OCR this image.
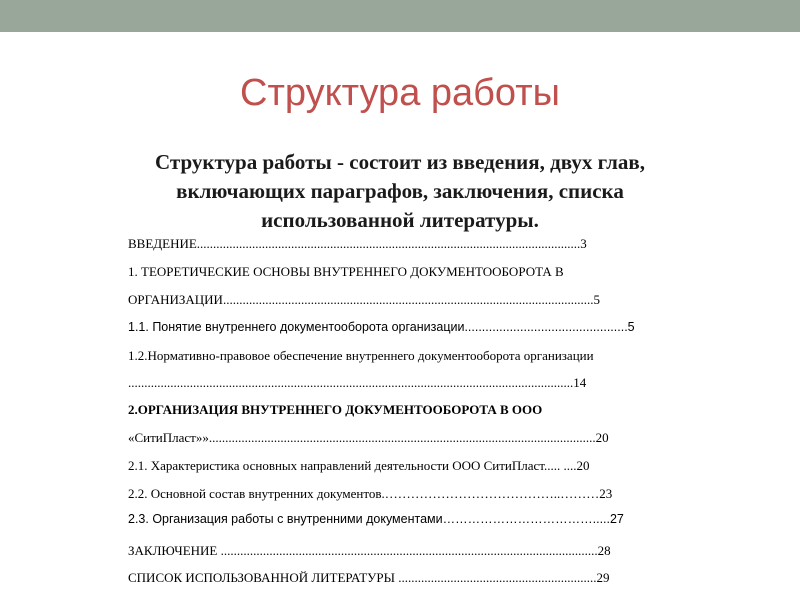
Структура работы
Структура работы - состоит из введения, двух глав, включающих параграфов, заключения, списка использованной литературы.
ВВЕДЕНИЕ......................................................................................................................3
1. ТЕОРЕТИЧЕСКИЕ ОСНОВЫ ВНУТРЕННЕГО ДОКУМЕНТООБОРОТА В
ОРГАНИЗАЦИИ..................................................................................................................5
1.1. Понятие внутреннего документооборота организации...............................................5
1.2.Нормативно-правовое обеспечение внутреннего документооборота организации
.........................................................................................................................................14
2.ОРГАНИЗАЦИЯ ВНУТРЕННЕГО ДОКУМЕНТООБОРОТА В ООО
«СитиПласт»».......................................................................................................................20
2.1. Характеристика основных направлений деятельности ООО СитиПласт..... ....20
2.2. Основной состав внутренних документов.…………………………………..………23
2.3. Организация работы с внутренними документами……………………………….....27
ЗАКЛЮЧЕНИЕ ....................................................................................................................28
СПИСОК ИСПОЛЬЗОВАННОЙ ЛИТЕРАТУРЫ .............................................................29
